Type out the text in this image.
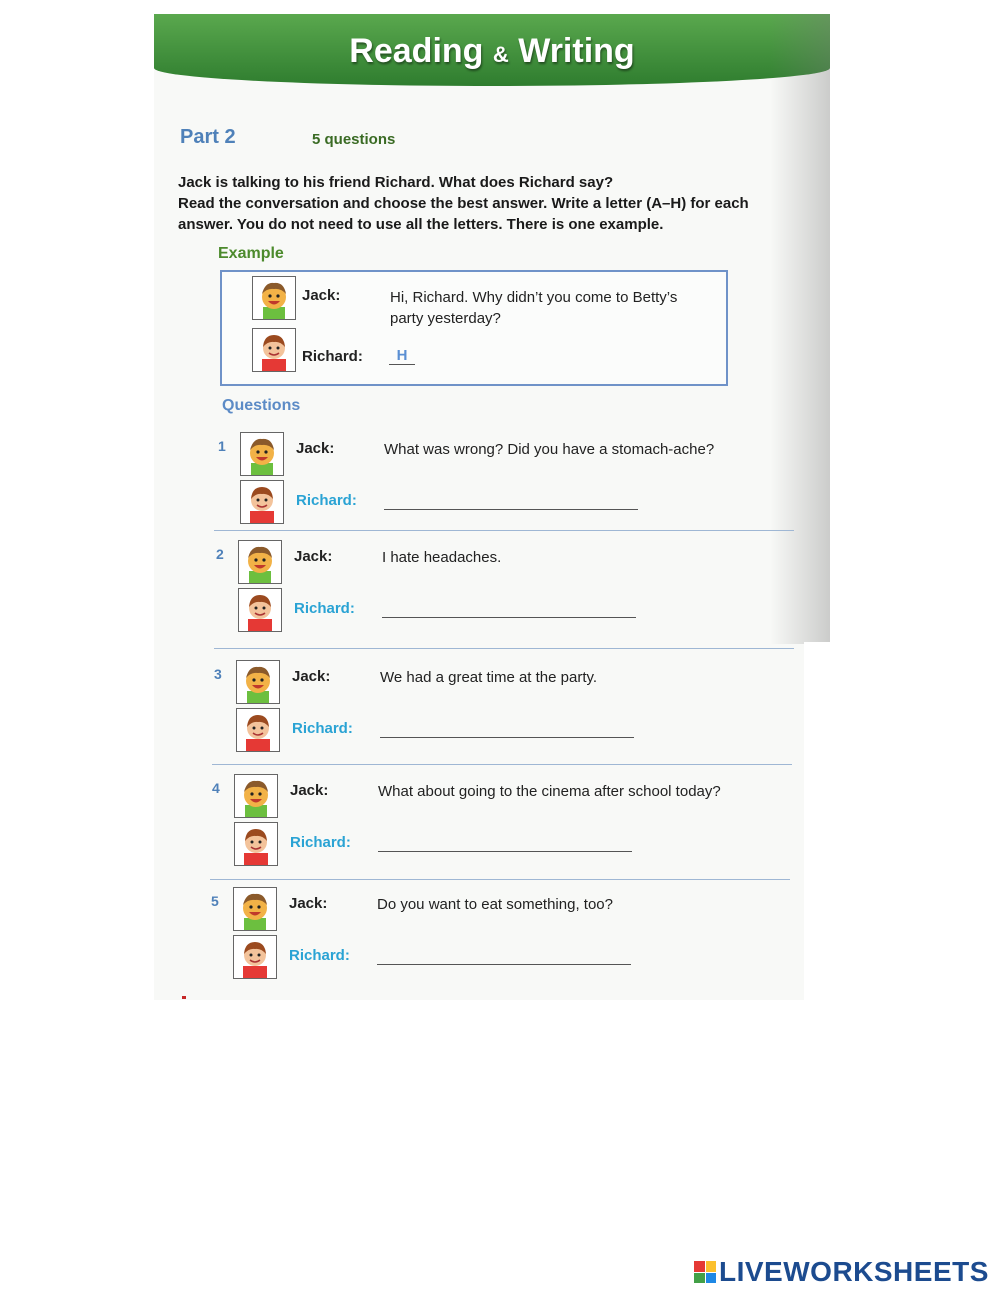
Reading & Writing
Part 2	5 questions
Jack is talking to his friend Richard. What does Richard say?
Read the conversation and choose the best answer. Write a letter (A–H) for each
answer. You do not need to use all the letters. There is one example.
Example
Questions
Jack:	Hi, Richard. Why didn’t you come to Betty’s
party yesterday?
Richard:	H
1	Jack:	What was wrong? Did you have a stomach-ache?
Richard:
2	Jack:	I hate headaches.
Richard:
3	Jack:	We had a great time at the party.
Richard:
4	Jack:	What about going to the cinema after school today?
Richard:
5	Jack:	Do you want to eat something, too?
Richard:
LIVEWORKSHEETS
